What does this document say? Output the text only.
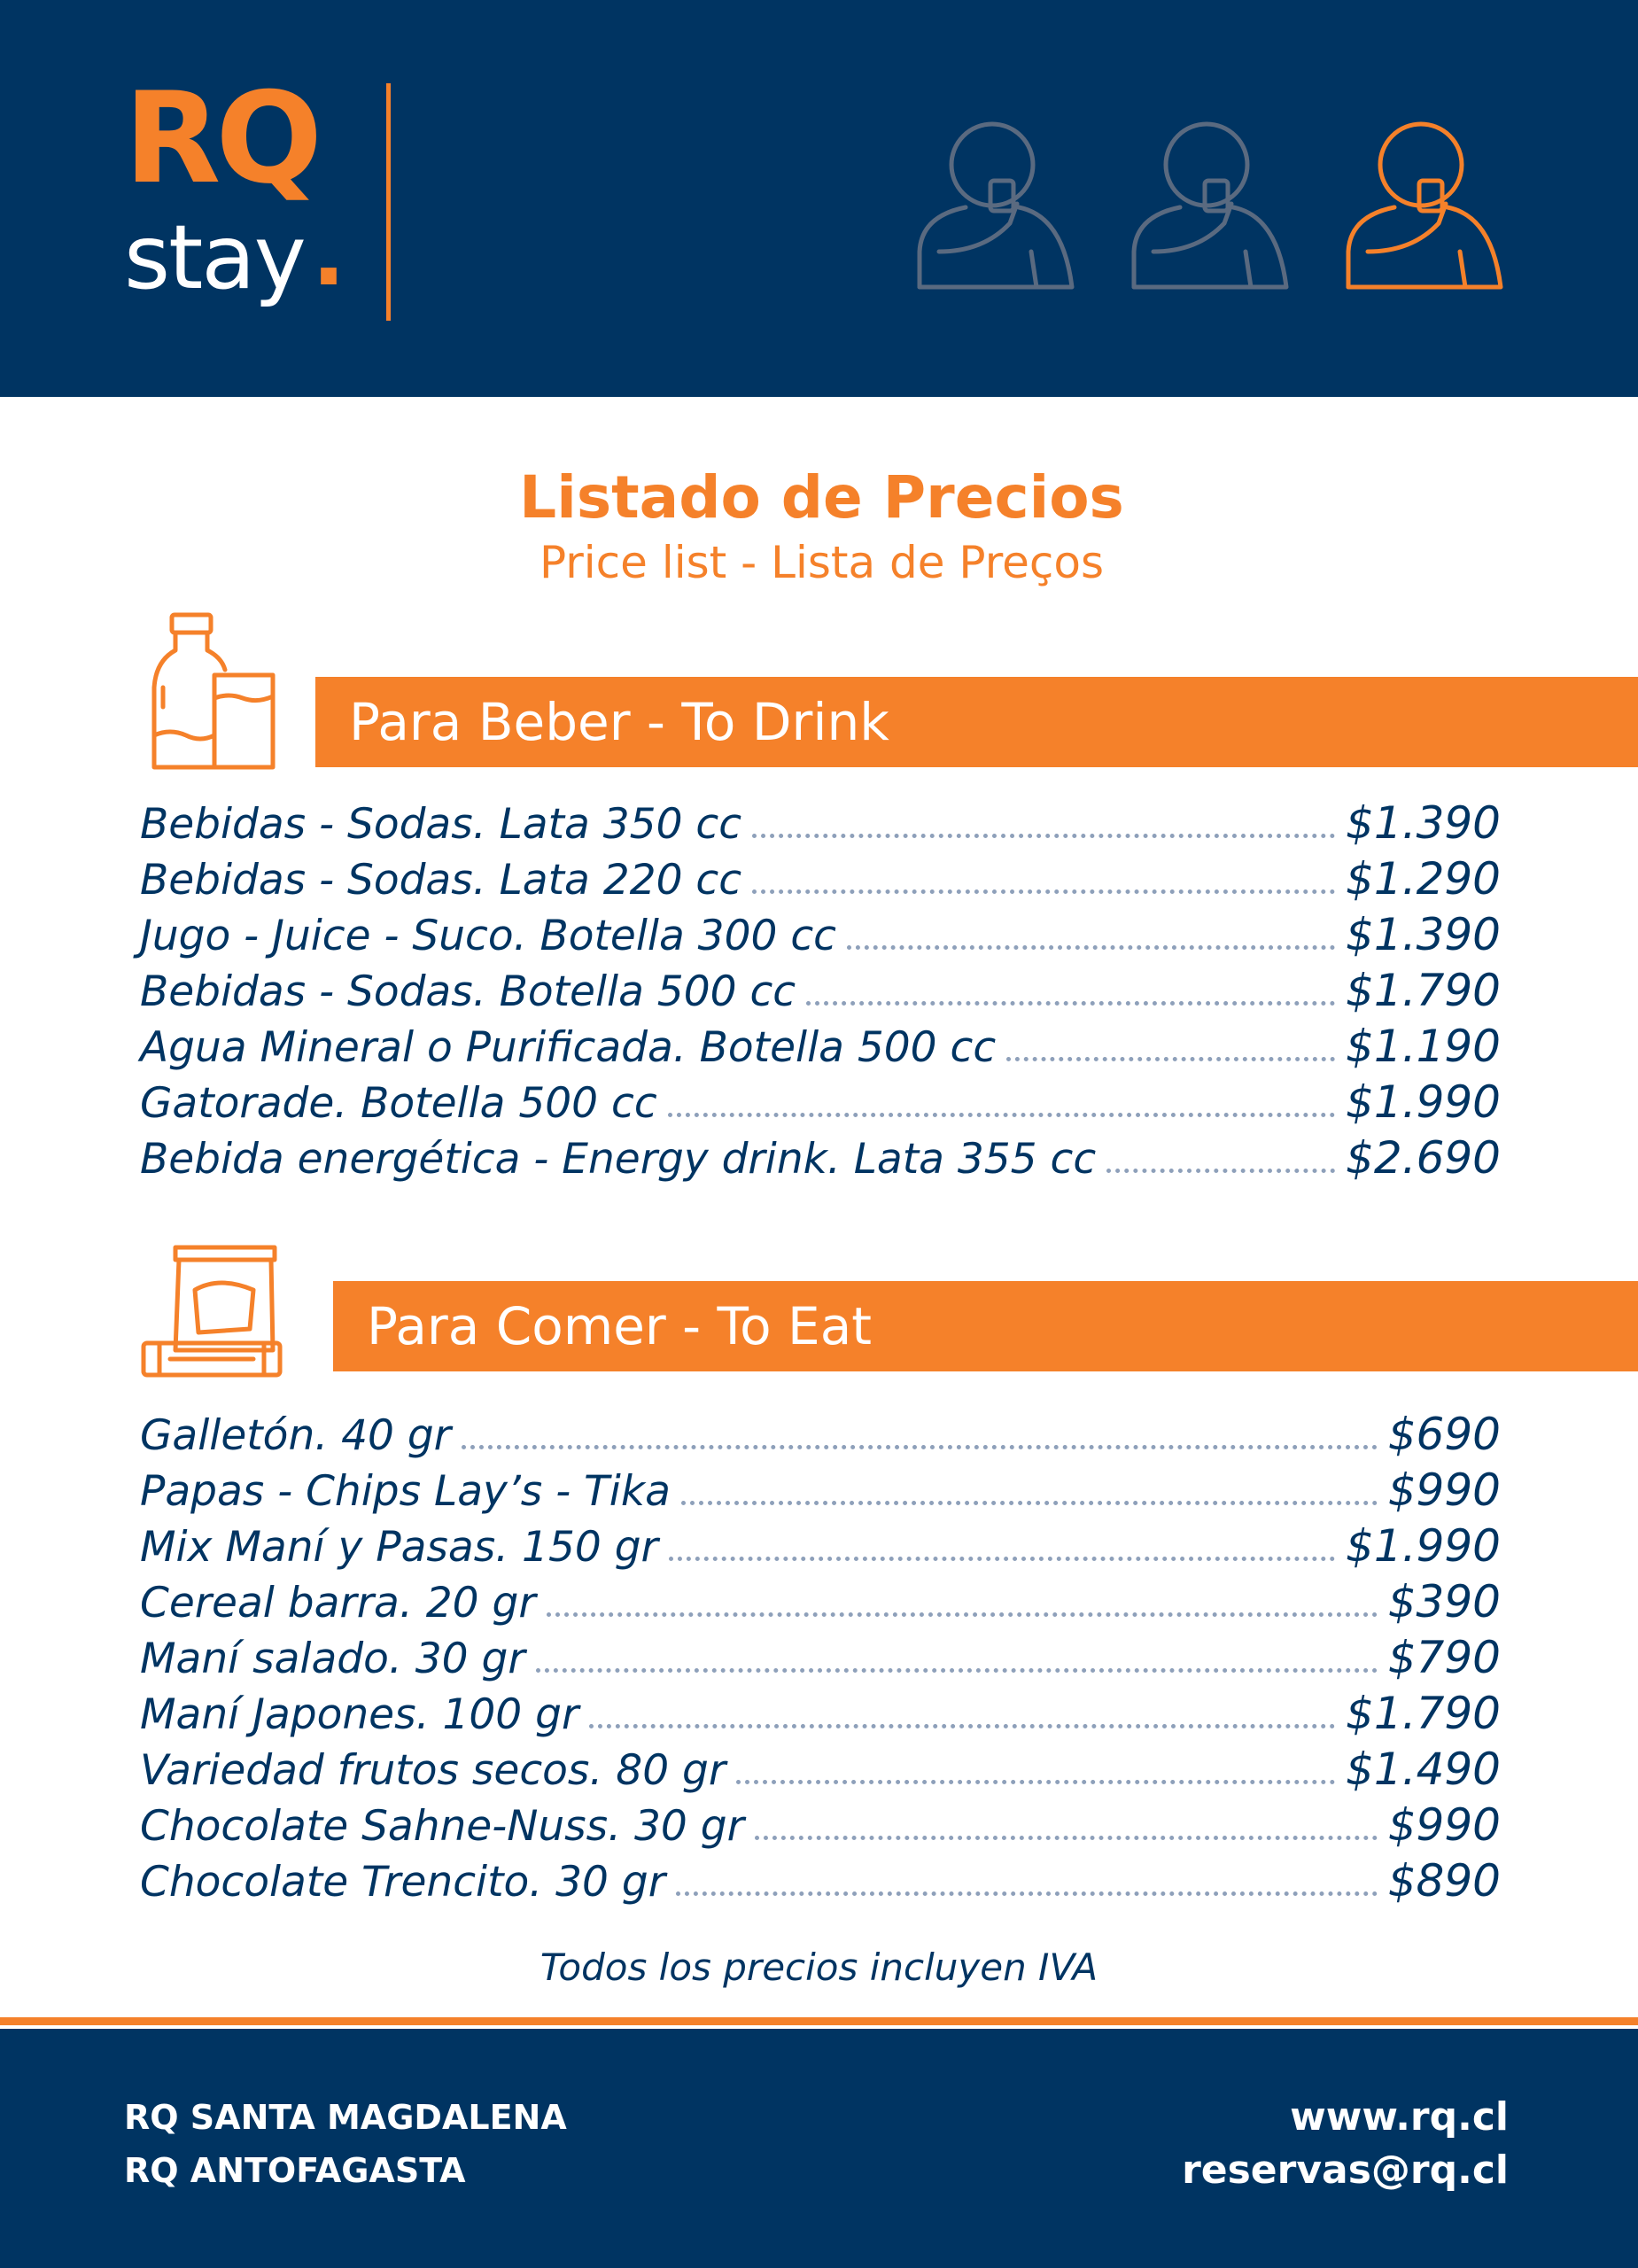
RQ
stay .
Listado de Precios
Price list - Lista de Preços
Para Beber - To Drink
Bebidas - Sodas. Lata 350 cc	$1.390
Bebidas - Sodas. Lata 220 cc	$1.290
Jugo - Juice - Suco. Botella 300 cc	$1.390
Bebidas - Sodas. Botella 500 cc	$1.790
Agua Mineral o Purificada. Botella 500 cc	$1.190
Gatorade. Botella 500 cc	$1.990
Bebida energética - Energy drink. Lata 355 cc	$2.690
Para Comer - To Eat
Galletón. 40 gr	$690
Papas - Chips Lay’s - Tika	$990
Mix Maní y Pasas. 150 gr	$1.990
Cereal barra. 20 gr	$390
Maní salado. 30 gr	$790
Maní Japones. 100 gr	$1.790
Variedad frutos secos. 80 gr	$1.490
Chocolate Sahne-Nuss. 30 gr	$990
Chocolate Trencito. 30 gr	$890
Todos los precios incluyen IVA
RQ SANTA MAGDALENA
RQ ANTOFAGASTA
www.rq.cl
reservas@rq.cl
